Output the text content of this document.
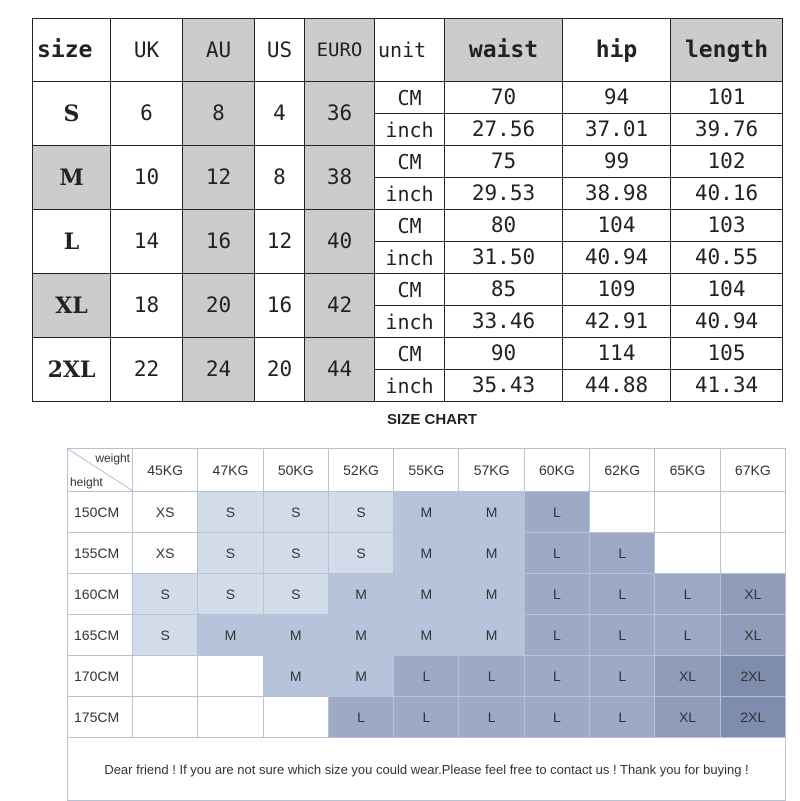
size	UK	AU	US	EURO	unit	waist	hip	length
S	6	8	4	36	CM	70	94	101
					inch	27.56	37.01	39.76
M	10	12	8	38	CM	75	99	102
					inch	29.53	38.98	40.16
L	14	16	12	40	CM	80	104	103
					inch	31.50	40.94	40.55
XL	18	20	16	42	CM	85	109	104
					inch	33.46	42.91	40.94
2XL	22	24	20	44	CM	90	114	105
					inch	35.43	44.88	41.34
SIZE CHART
weight
height	45KG	47KG	50KG	52KG	55KG	57KG	60KG	62KG	65KG	67KG
150CM	XS	S	S	S	M	M	L			
155CM	XS	S	S	S	M	M	L	L		
160CM	S	S	S	M	M	M	L	L	L	XL
165CM	S	M	M	M	M	M	L	L	L	XL
170CM			M	M	L	L	L	L	XL	2XL
175CM				L	L	L	L	L	XL	2XL
Dear friend ! If you are not sure which size you could wear.Please feel free to contact us ! Thank you for buying !										
